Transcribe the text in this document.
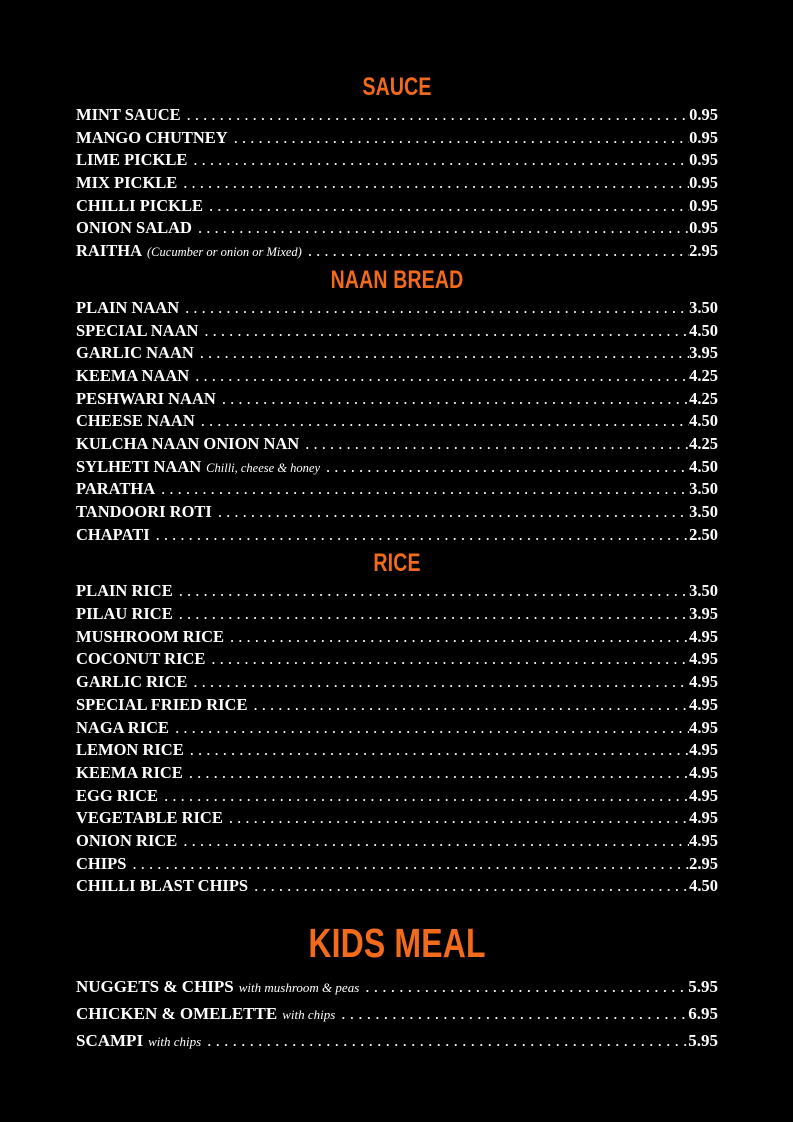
SAUCE
MINT SAUCE . . .	0.95
MANGO CHUTNEY . . .	0.95
LIME PICKLE . . .	0.95
MIX PICKLE . . .	0.95
CHILLI PICKLE . . .	0.95
ONION SALAD . . .	0.95
RAITHA (Cucumber or onion or Mixed) . . .	2.95
NAAN BREAD
PLAIN NAAN . . .	3.50
SPECIAL NAAN . . .	4.50
GARLIC NAAN . . .	3.95
KEEMA NAAN . . .	4.25
PESHWARI NAAN . . .	4.25
CHEESE NAAN . . .	4.50
KULCHA NAAN ONION NAN . . .	4.25
SYLHETI NAAN Chilli, cheese & honey . . .	4.50
PARATHA . . .	3.50
TANDOORI ROTI . . .	3.50
CHAPATI . . .	2.50
RICE
PLAIN RICE . . .	3.50
PILAU RICE . . .	3.95
MUSHROOM RICE . . .	4.95
COCONUT RICE . . .	4.95
GARLIC RICE . . .	4.95
SPECIAL FRIED RICE . . .	4.95
NAGA RICE . . .	4.95
LEMON RICE . . .	4.95
KEEMA RICE . . .	4.95
EGG RICE . . .	4.95
VEGETABLE RICE . . .	4.95
ONION RICE . . .	4.95
CHIPS . . .	2.95
CHILLI BLAST CHIPS . . .	4.50
KIDS MEAL
NUGGETS & CHIPS with mushroom & peas . . .	5.95
CHICKEN & OMELETTE with chips . . .	6.95
SCAMPI with chips . . .	5.95
